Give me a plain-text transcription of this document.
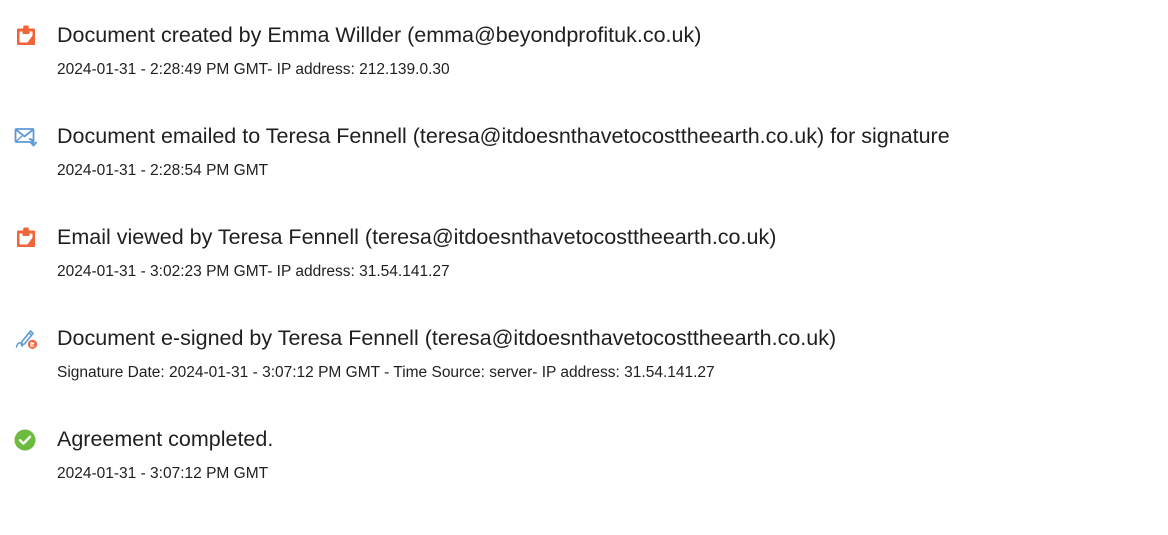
Document created by Emma Willder (emma@beyondprofituk.co.uk)
2024-01-31 - 2:28:49 PM GMT- IP address: 212.139.0.30
Document emailed to Teresa Fennell (teresa@itdoesnthavetocosttheearth.co.uk) for signature
2024-01-31 - 2:28:54 PM GMT
Email viewed by Teresa Fennell (teresa@itdoesnthavetocosttheearth.co.uk)
2024-01-31 - 3:02:23 PM GMT- IP address: 31.54.141.27
Document e-signed by Teresa Fennell (teresa@itdoesnthavetocosttheearth.co.uk)
Signature Date: 2024-01-31 - 3:07:12 PM GMT - Time Source: server- IP address: 31.54.141.27
Agreement completed.
2024-01-31 - 3:07:12 PM GMT
